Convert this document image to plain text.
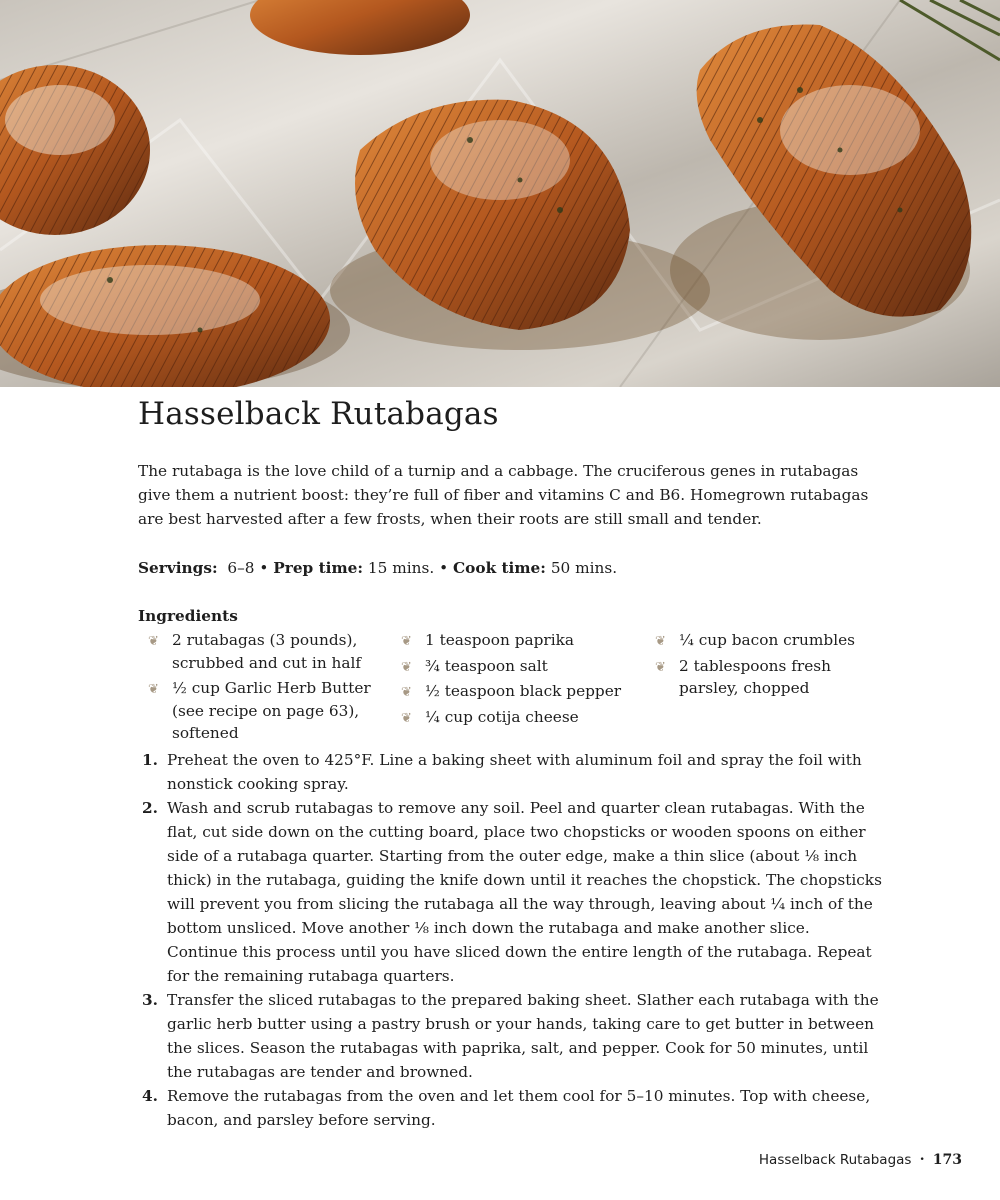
Hasselback Rutabagas

The rutabaga is the love child of a turnip and a cabbage. The cruciferous genes in rutabagas give them a nutrient boost: they’re full of fiber and vitamins C and B6. Homegrown rutabagas are best harvested after a few frosts, when their roots are still small and tender.

Servings: 6–8 • Prep time: 15 mins. • Cook time: 50 mins.

Ingredients
❦ 2 rutabagas (3 pounds), scrubbed and cut in half
❦ ½ cup Garlic Herb Butter (see recipe on page 63), softened
❦ 1 teaspoon paprika
❦ ¾ teaspoon salt
❦ ½ teaspoon black pepper
❦ ¼ cup cotija cheese
❦ ¼ cup bacon crumbles
❦ 2 tablespoons fresh parsley, chopped
1. Preheat the oven to 425°F. Line a baking sheet with aluminum foil and spray the foil with nonstick cooking spray.
2. Wash and scrub rutabagas to remove any soil. Peel and quarter clean rutabagas. With the flat, cut side down on the cutting board, place two chopsticks or wooden spoons on either side of a rutabaga quarter. Starting from the outer edge, make a thin slice (about ⅛ inch thick) in the rutabaga, guiding the knife down until it reaches the chopstick. The chopsticks will prevent you from slicing the rutabaga all the way through, leaving about ¼ inch of the bottom unsliced. Move another ⅛ inch down the rutabaga and make another slice. Continue this process until you have sliced down the entire length of the rutabaga. Repeat for the remaining rutabaga quarters.
3. Transfer the sliced rutabagas to the prepared baking sheet. Slather each rutabaga with the garlic herb butter using a pastry brush or your hands, taking care to get butter in between the slices. Season the rutabagas with paprika, salt, and pepper. Cook for 50 minutes, until the rutabagas are tender and browned.
4. Remove the rutabagas from the oven and let them cool for 5–10 minutes. Top with cheese, bacon, and parsley before serving.
Hasselback Rutabagas • 173
